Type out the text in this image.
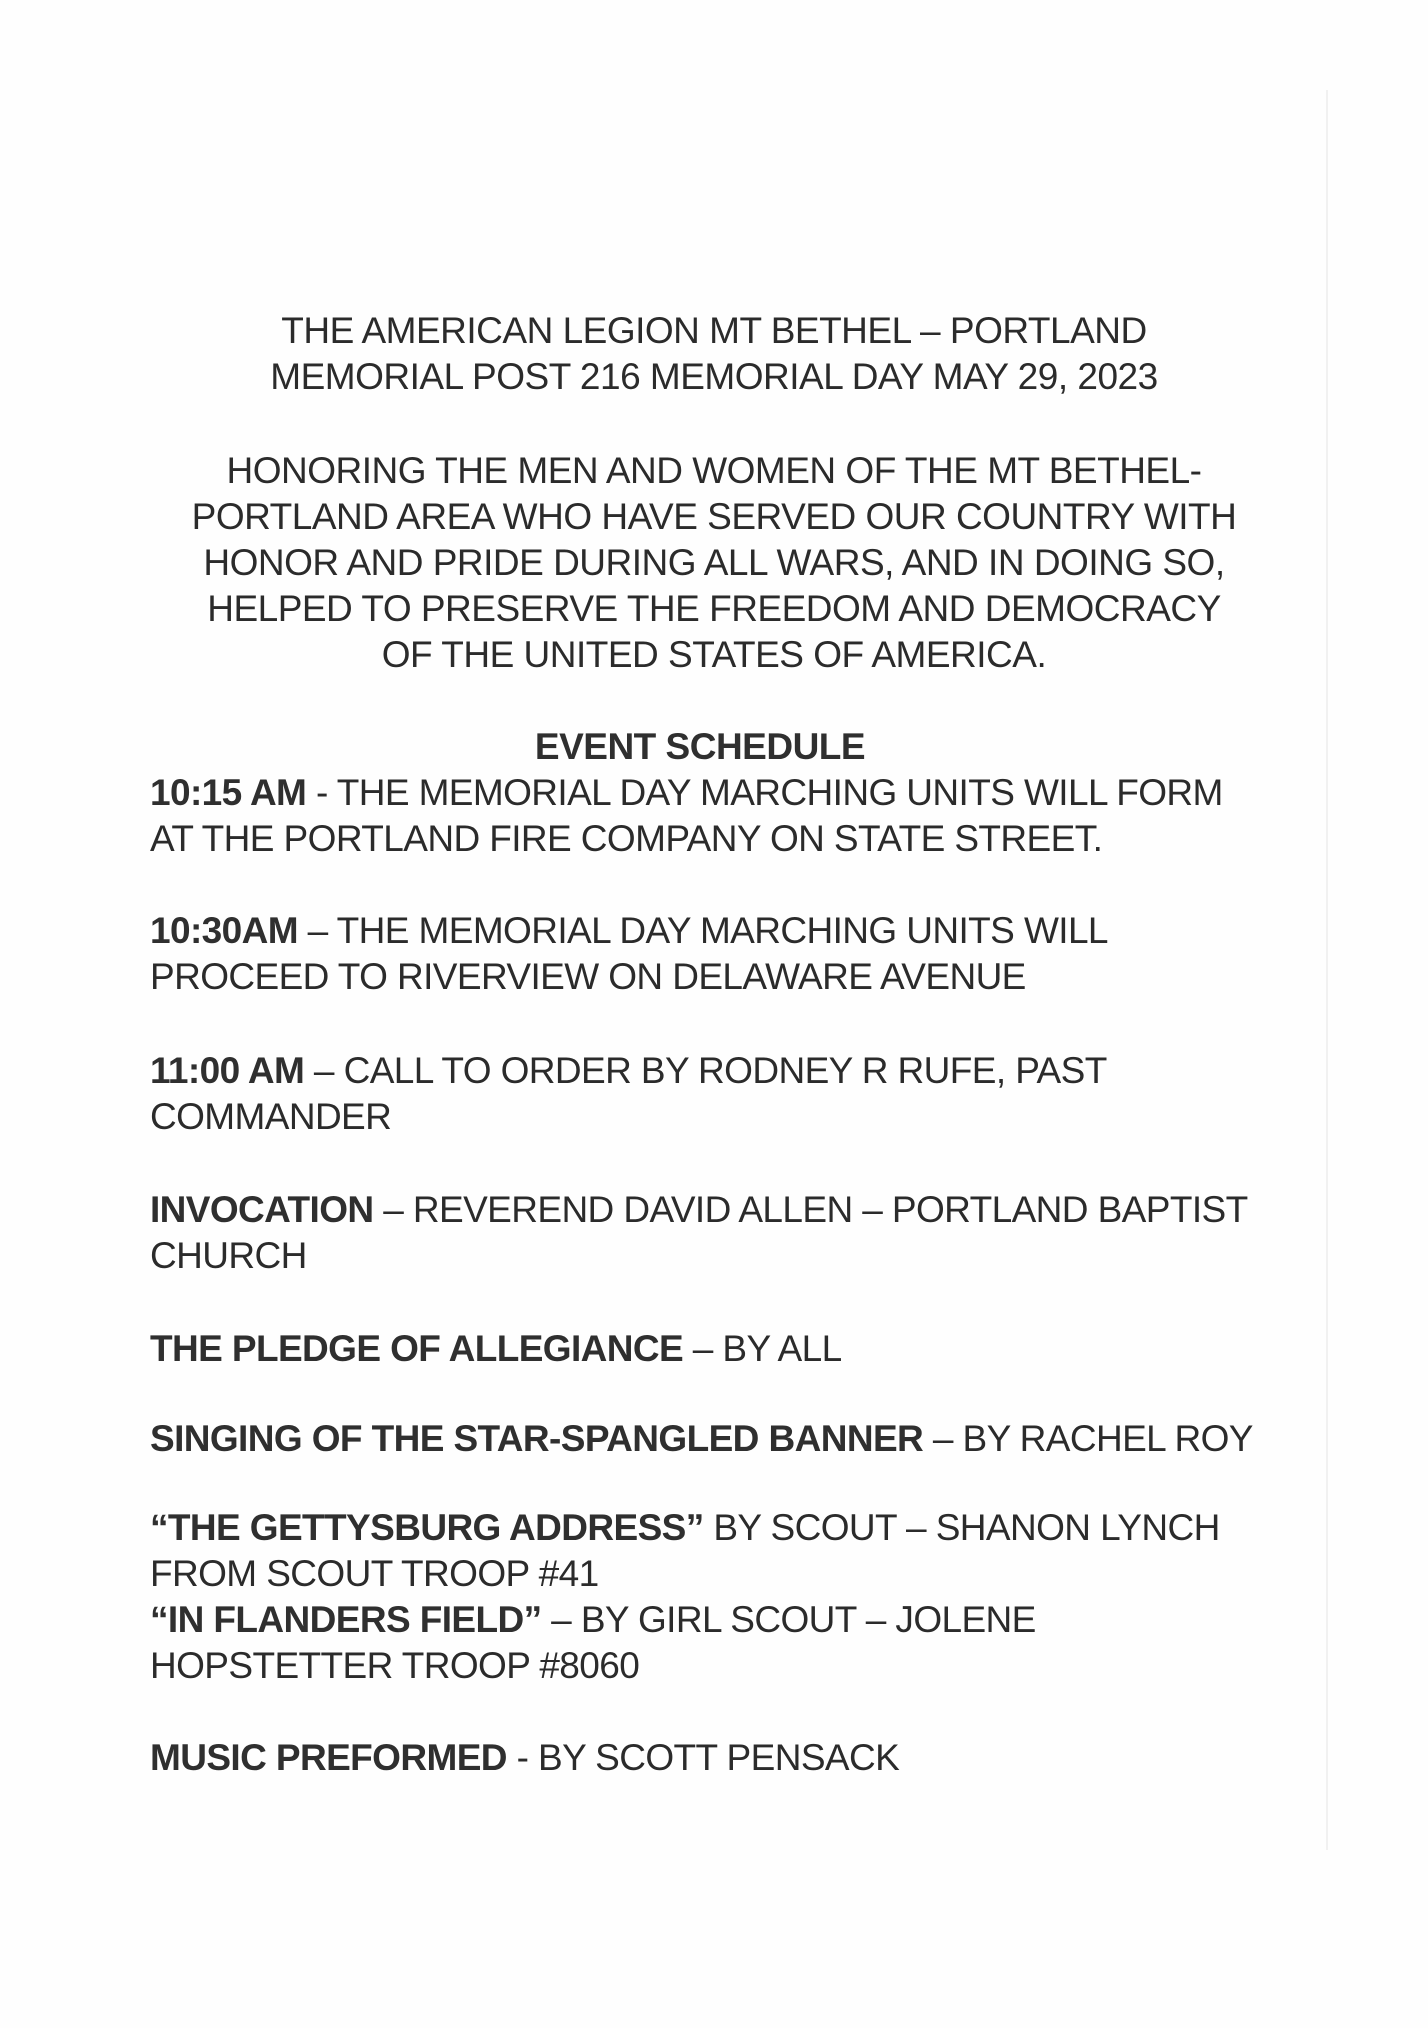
THE AMERICAN LEGION MT BETHEL – PORTLAND

MEMORIAL POST 216 MEMORIAL DAY MAY 29, 2023

HONORING THE MEN AND WOMEN OF THE MT BETHEL-

PORTLAND AREA WHO HAVE SERVED OUR COUNTRY WITH

HONOR AND PRIDE DURING ALL WARS, AND IN DOING SO,

HELPED TO PRESERVE THE FREEDOM AND DEMOCRACY

OF THE UNITED STATES OF AMERICA.

EVENT SCHEDULE

10:15 AM - THE MEMORIAL DAY MARCHING UNITS WILL FORM

AT THE PORTLAND FIRE COMPANY ON STATE STREET.

10:30AM – THE MEMORIAL DAY MARCHING UNITS WILL

PROCEED TO RIVERVIEW ON DELAWARE AVENUE

11:00 AM – CALL TO ORDER BY RODNEY R RUFE, PAST

COMMANDER

INVOCATION – REVEREND DAVID ALLEN – PORTLAND BAPTIST

CHURCH

THE PLEDGE OF ALLEGIANCE – BY ALL

SINGING OF THE STAR-SPANGLED BANNER – BY RACHEL ROY

“THE GETTYSBURG ADDRESS” BY SCOUT – SHANON LYNCH

FROM SCOUT TROOP #41

“IN FLANDERS FIELD” – BY GIRL SCOUT – JOLENE

HOPSTETTER TROOP #8060

MUSIC PREFORMED - BY SCOTT PENSACK
